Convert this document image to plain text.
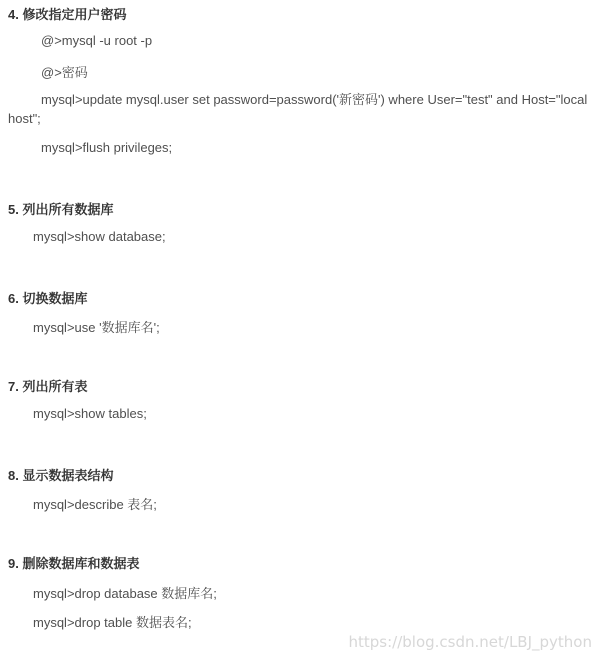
4. 修改指定用户密码
@>mysql -u root -p
@>密码
mysql>update mysql.user set password=password('新密码') where User="test" and Host="localhost";
mysql>flush privileges;
5. 列出所有数据库
mysql>show database;
6. 切换数据库
mysql>use '数据库名';
7. 列出所有表
mysql>show tables;
8. 显示数据表结构
mysql>describe 表名;
9. 删除数据库和数据表
mysql>drop database 数据库名;
mysql>drop table 数据表名;
https://blog.csdn.net/LBJ_python
